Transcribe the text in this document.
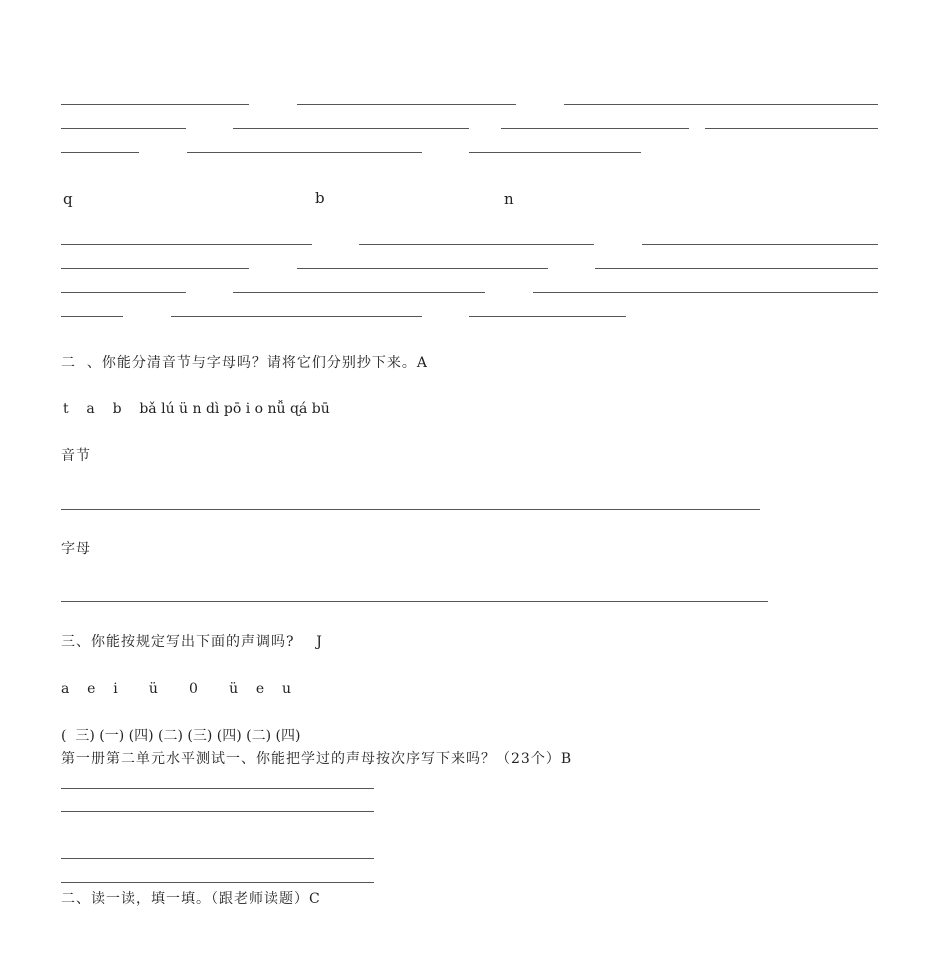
q	b	n
二  、你能分清音节与字母吗？请将它们分别抄下来。A
t    a    b    bǎ lú ü n dì pō i o nǚ ɋá bū
音节
字母
三、你能按规定写出下面的声调吗?    J
a    e    i       ü       0       ü    e    u
(  三) (一) (四) (二) (三) (四) (二) (四)
第一册第二单元水平测试一、你能把学过的声母按次序写下来吗？（23个）B
二、读一读，填一填。（跟老师读题）C
